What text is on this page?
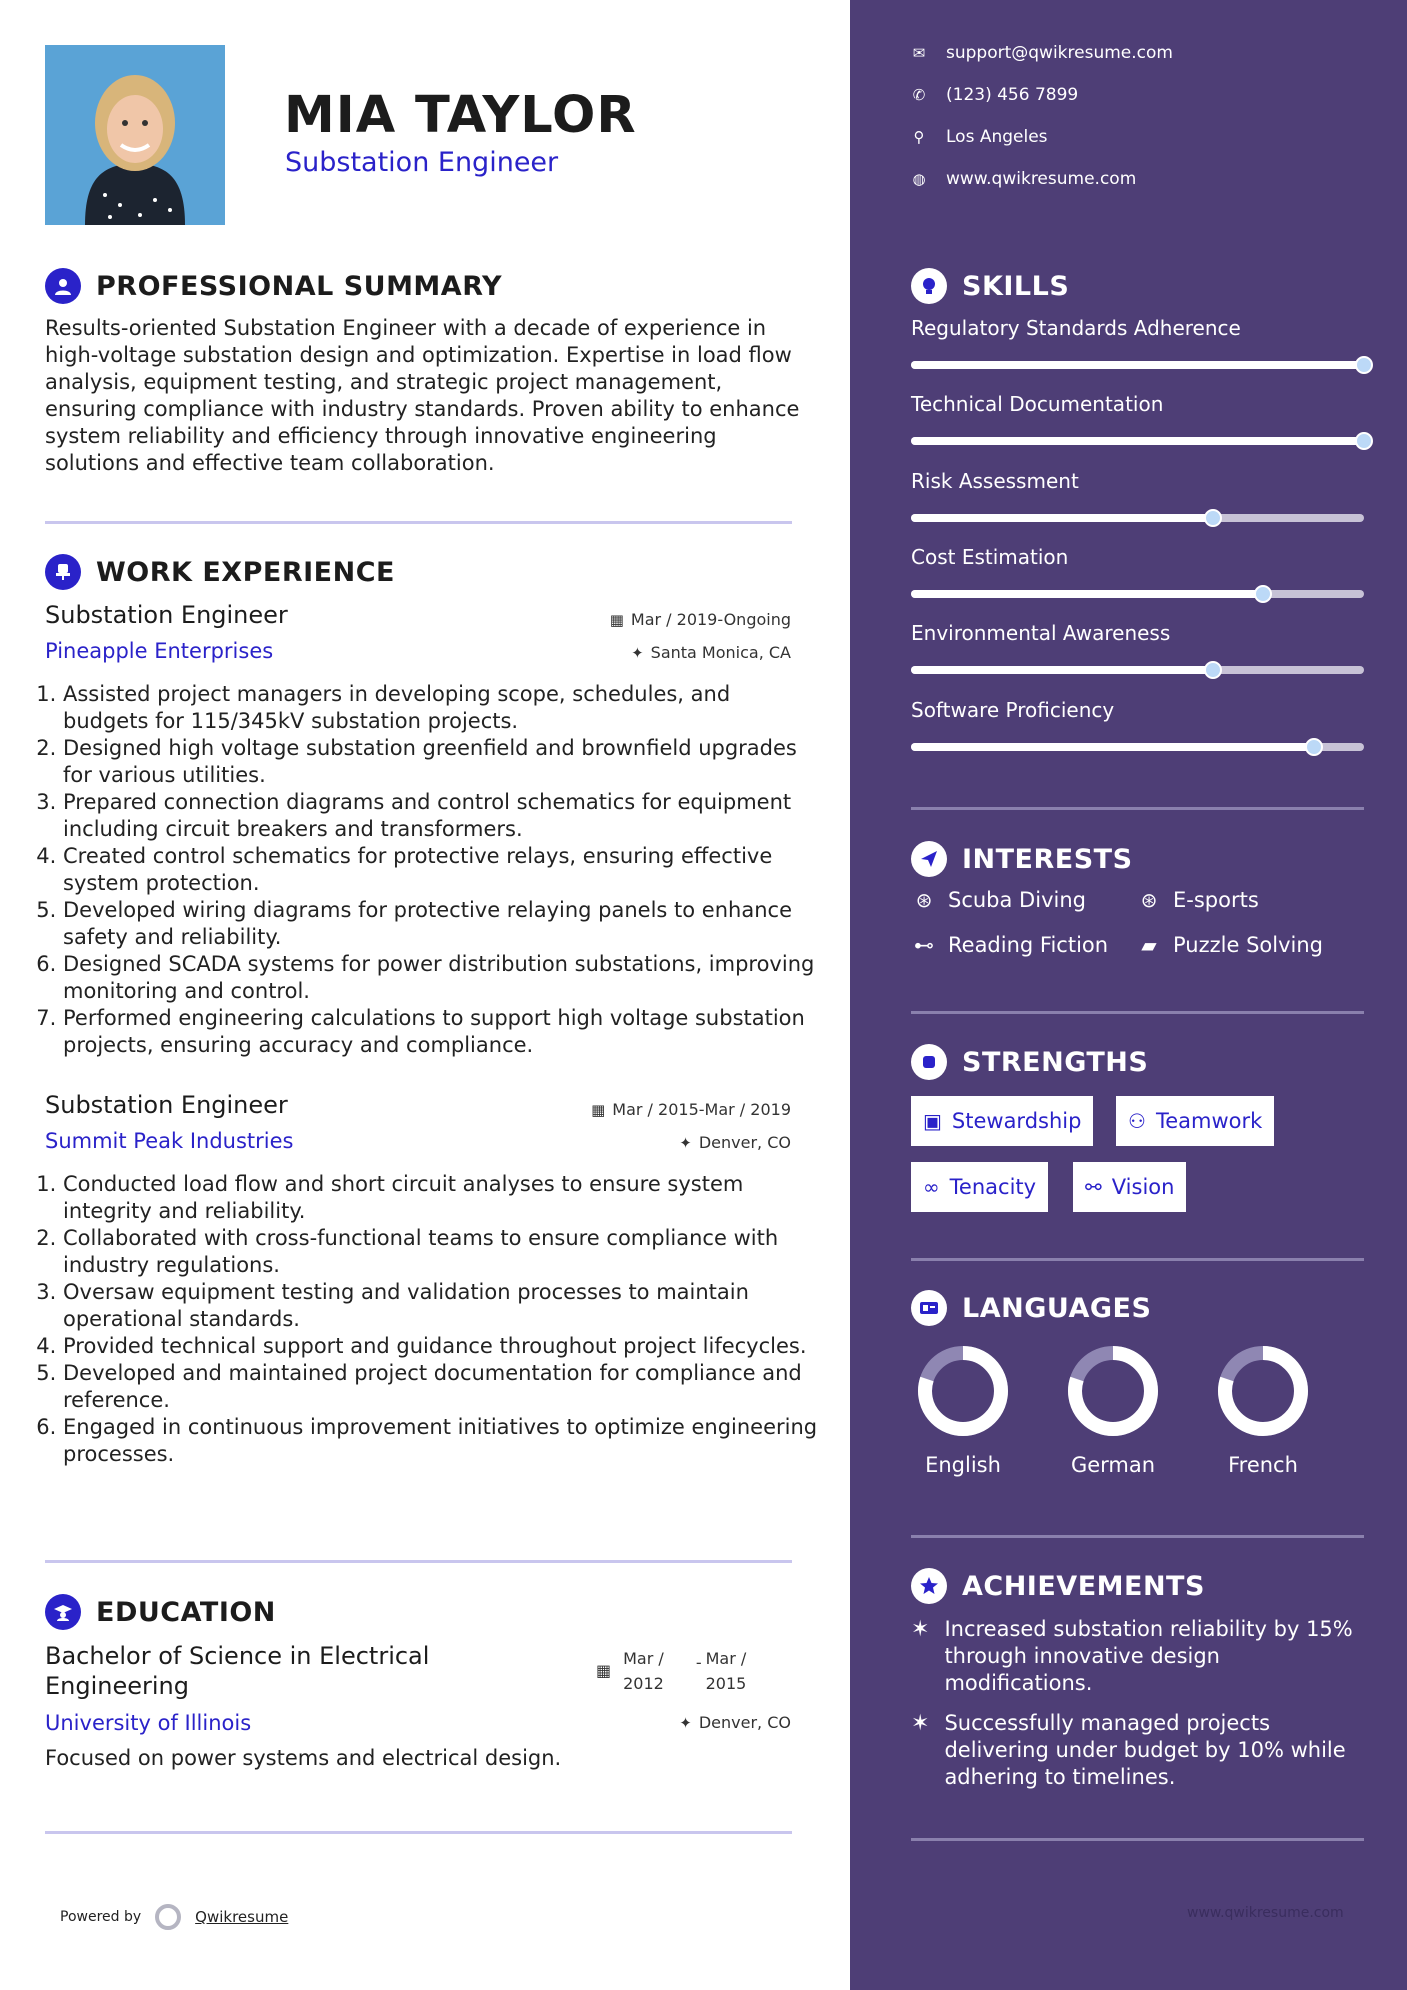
MIA TAYLOR
Substation Engineer
PROFESSIONAL SUMMARY
Results-oriented Substation Engineer with a decade of experience in high-voltage substation design and optimization. Expertise in load flow analysis, equipment testing, and strategic project management, ensuring compliance with industry standards. Proven ability to enhance system reliability and efficiency through innovative engineering solutions and effective team collaboration.
WORK EXPERIENCE
Substation Engineer
Pineapple Enterprises
▦ Mar / 2019-Ongoing
✦ Santa Monica, CA
1. Assisted project managers in developing scope, schedules, and budgets for 115/345kV substation projects.
2. Designed high voltage substation greenfield and brownfield upgrades for various utilities.
3. Prepared connection diagrams and control schematics for equipment including circuit breakers and transformers.
4. Created control schematics for protective relays, ensuring effective system protection.
5. Developed wiring diagrams for protective relaying panels to enhance safety and reliability.
6. Designed SCADA systems for power distribution substations, improving monitoring and control.
7. Performed engineering calculations to support high voltage substation projects, ensuring accuracy and compliance.
Substation Engineer
Summit Peak Industries
▦ Mar / 2015-Mar / 2019
✦ Denver, CO
1. Conducted load flow and short circuit analyses to ensure system integrity and reliability.
2. Collaborated with cross-functional teams to ensure compliance with industry regulations.
3. Oversaw equipment testing and validation processes to maintain operational standards.
4. Provided technical support and guidance throughout project lifecycles.
5. Developed and maintained project documentation for compliance and reference.
6. Engaged in continuous improvement initiatives to optimize engineering processes.
EDUCATION
Bachelor of Science in Electrical
Engineering
University of Illinois
▦
Mar /
2012
- Mar /
2015
✦ Denver, CO
Focused on power systems and electrical design.
Powered by	Qwikresume
✉ support@qwikresume.com
✆ (123) 456 7899
⚲ Los Angeles
◍ www.qwikresume.com
SKILLS
Regulatory Standards Adherence
Technical Documentation
Risk Assessment
Cost Estimation
Environmental Awareness
Software Proficiency
INTERESTS
⊛ Scuba Diving	⊛ E-sports
⊷ Reading Fiction ▰ Puzzle Solving
STRENGTHS
▣ Stewardship ⚇ Teamwork
∞ Tenacity ⚯ Vision
LANGUAGES
English	German	French
ACHIEVEMENTS
✶ Increased substation reliability by 15% through innovative design modifications.
✶ Successfully managed projects delivering under budget by 10% while adhering to timelines.
www.qwikresume.com
